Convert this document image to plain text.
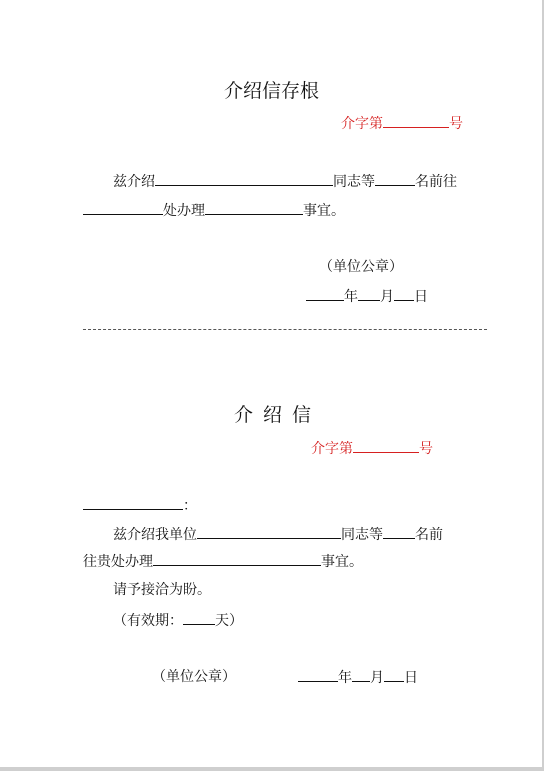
介绍信存根
介字第	号
兹介绍	同志等	名前往
处办理	事宜。
（单位公章）
年 月 日
介绍信
介字第	号
：
兹介绍我单位	同志等 名前
往贵处办理	事宜。
请予接洽为盼。
（有效期： 天）
（单位公章）	年 月 日
